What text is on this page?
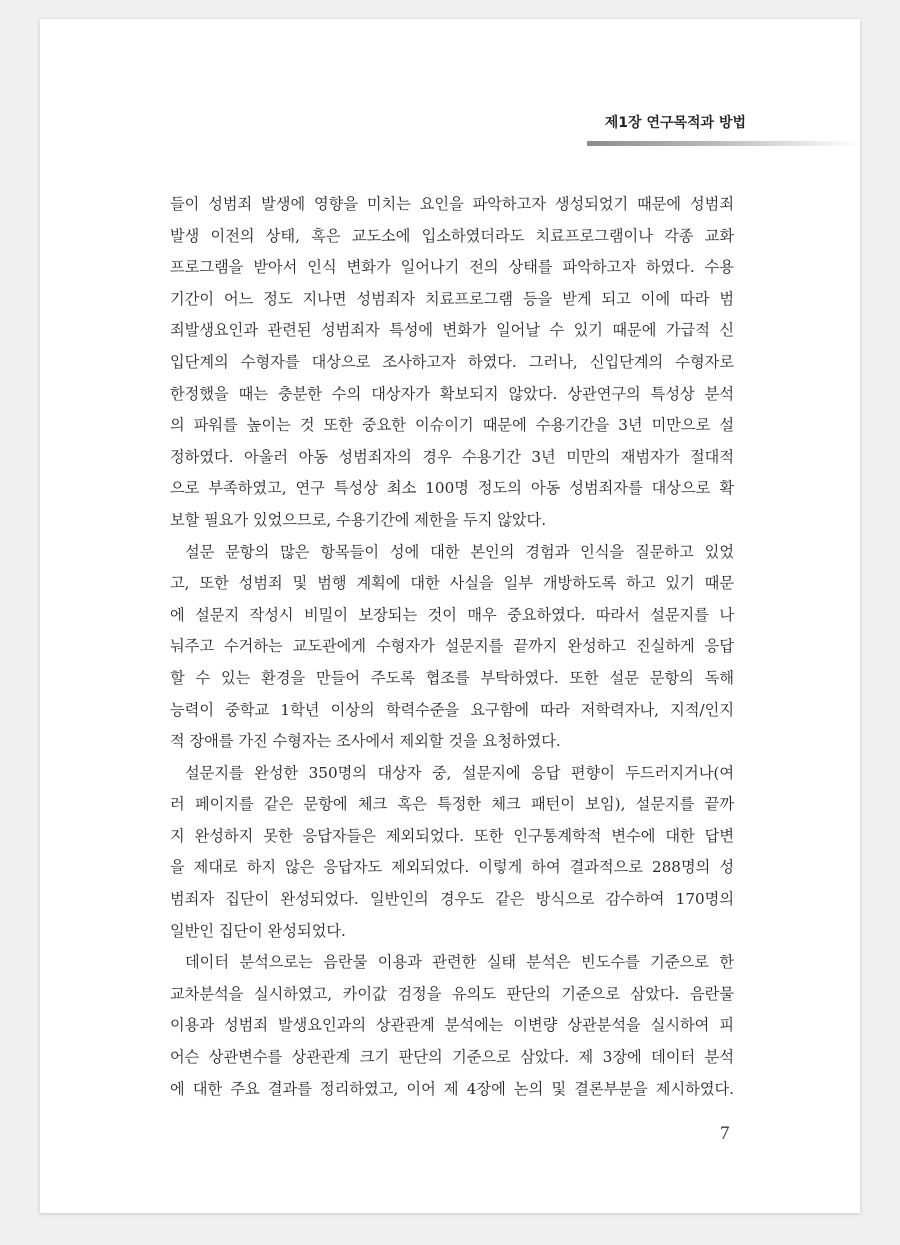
제1장 연구목적과 방법
들이 성범죄 발생에 영향을 미치는 요인을 파악하고자 생성되었기 때문에 성범죄
발생 이전의 상태, 혹은 교도소에 입소하였더라도 치료프로그램이나 각종 교화
프로그램을 받아서 인식 변화가 일어나기 전의 상태를 파악하고자 하였다. 수용
기간이 어느 정도 지나면 성범죄자 치료프로그램 등을 받게 되고 이에 따라 범
죄발생요인과 관련된 성범죄자 특성에 변화가 일어날 수 있기 때문에 가급적 신
입단계의 수형자를 대상으로 조사하고자 하였다. 그러나, 신입단계의 수형자로
한정했을 때는 충분한 수의 대상자가 확보되지 않았다. 상관연구의 특성상 분석
의 파워를 높이는 것 또한 중요한 이슈이기 때문에 수용기간을 3년 미만으로 설
정하였다. 아울러 아동 성범죄자의 경우 수용기간 3년 미만의 재범자가 절대적
으로 부족하였고, 연구 특성상 최소 100명 정도의 아동 성범죄자를 대상으로 확
보할 필요가 있었으므로, 수용기간에 제한을 두지 않았다.
설문 문항의 많은 항목들이 성에 대한 본인의 경험과 인식을 질문하고 있었
고, 또한 성범죄 및 범행 계획에 대한 사실을 일부 개방하도록 하고 있기 때문
에 설문지 작성시 비밀이 보장되는 것이 매우 중요하였다. 따라서 설문지를 나
눠주고 수거하는 교도관에게 수형자가 설문지를 끝까지 완성하고 진실하게 응답
할 수 있는 환경을 만들어 주도록 협조를 부탁하였다. 또한 설문 문항의 독해
능력이 중학교 1학년 이상의 학력수준을 요구함에 따라 저학력자나, 지적/인지
적 장애를 가진 수형자는 조사에서 제외할 것을 요청하였다.
설문지를 완성한 350명의 대상자 중, 설문지에 응답 편향이 두드러지거나(여
러 페이지를 같은 문항에 체크 혹은 특정한 체크 패턴이 보임), 설문지를 끝까
지 완성하지 못한 응답자들은 제외되었다. 또한 인구통계학적 변수에 대한 답변
을 제대로 하지 않은 응답자도 제외되었다. 이렇게 하여 결과적으로 288명의 성
범죄자 집단이 완성되었다. 일반인의 경우도 같은 방식으로 감수하여 170명의
일반인 집단이 완성되었다.
데이터 분석으로는 음란물 이용과 관련한 실태 분석은 빈도수를 기준으로 한
교차분석을 실시하였고, 카이값 검정을 유의도 판단의 기준으로 삼았다. 음란물
이용과 성범죄 발생요인과의 상관관계 분석에는 이변량 상관분석을 실시하여 피
어슨 상관변수를 상관관계 크기 판단의 기준으로 삼았다. 제 3장에 데이터 분석
에 대한 주요 결과를 정리하였고, 이어 제 4장에 논의 및 결론부분을 제시하였다.
7
